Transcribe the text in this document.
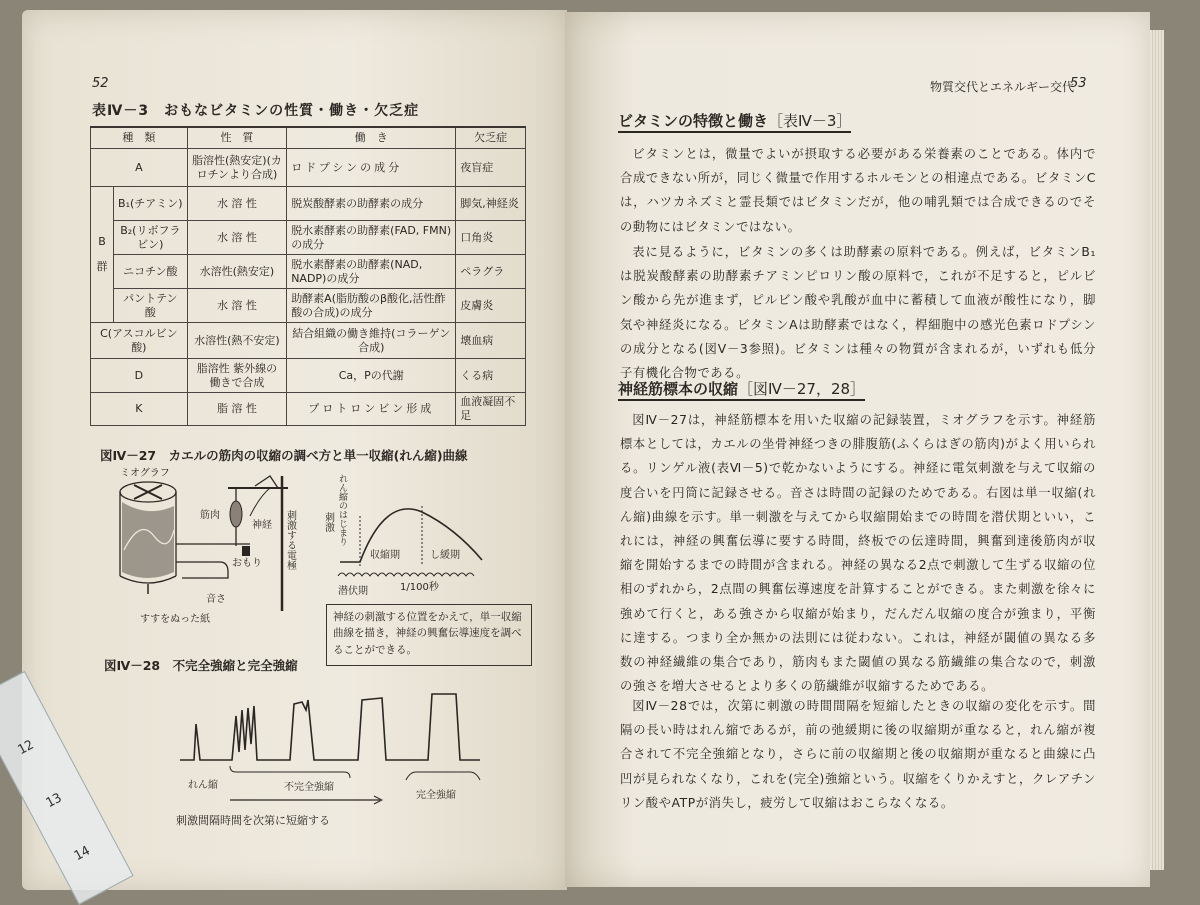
52
表Ⅳ－3　おもなビタミンの性質・働き・欠乏症
種　類		性　質	働　き	欠乏症
A		脂溶性(熱安定)(カロチンより合成)	ロドプシンの成分	夜盲症
B 群	B₁(チアミン)	水 溶 性	脱炭酸酵素の助酵素の成分	脚気,神経炎
	B₂(リボフラビン)	水 溶 性	脱水素酵素の助酵素(FAD, FMN)の成分	口角炎
	ニコチン酸	水溶性(熱安定)	脱水素酵素の助酵素(NAD, NADP)の成分	ペラグラ
	パントテン酸	水 溶 性	助酵素A(脂肪酸のβ酸化,活性酢酸の合成)の成分	皮膚炎
C(アスコルビン酸)		水溶性(熱不安定)	結合組織の働き維持(コラーゲン合成)	壊血病
D		脂溶性 紫外線の働きで合成	Ca，Pの代謝	くる病
K		脂 溶 性	プロトロンビン形成	血液凝固不足
図Ⅳ－27　カエルの筋肉の収縮の調べ方と単一収縮(れん縮)曲線
ミオグラフ
筋肉
神経
おもり
音さ
すすをぬった紙
刺激する電極	刺激 れん縮のはじまり
収縮期	し緩期
潜伏期	1/100秒
神経の刺激する位置をかえて，単一収縮曲線を描き，神経の興奮伝導速度を調べることができる。
図Ⅳ－28　不完全強縮と完全強縮
れん縮	不完全強縮
完全強縮
刺激間隔時間を次第に短縮する
12
13
14
物質交代とエネルギー交代
53
ビタミンの特徴と働き［表Ⅳ－3］
ビタミンとは，微量でよいが摂取する必要がある栄養素のことである。体内で合成できない所が，同じく微量で作用するホルモンとの相違点である。ビタミンCは，ハツカネズミと霊長類ではビタミンだが，他の哺乳類では合成できるのでその動物にはビタミンではない。
表に見るように，ビタミンの多くは助酵素の原料である。例えば，ビタミンB₁は脱炭酸酵素の助酵素チアミンピロリン酸の原料で，これが不足すると，ピルビン酸から先が進まず，ピルビン酸や乳酸が血中に蓄積して血液が酸性になり，脚気や神経炎になる。ビタミンAは助酵素ではなく，桿細胞中の感光色素ロドプシンの成分となる(図Ⅴ－3参照)。ビタミンは種々の物質が含まれるが，いずれも低分子有機化合物である。
神経筋標本の収縮［図Ⅳ－27，28］
図Ⅳ－27は，神経筋標本を用いた収縮の記録装置，ミオグラフを示す。神経筋標本としては，カエルの坐骨神経つきの腓腹筋(ふくらはぎの筋肉)がよく用いられる。リンゲル液(表Ⅵ－5)で乾かないようにする。神経に電気刺激を与えて収縮の度合いを円筒に記録させる。音さは時間の記録のためである。右図は単一収縮(れん縮)曲線を示す。単一刺激を与えてから収縮開始までの時間を潜伏期といい，これには，神経の興奮伝導に要する時間，終板での伝達時間，興奮到達後筋肉が収縮を開始するまでの時間が含まれる。神経の異なる2点で刺激して生ずる収縮の位相のずれから，2点間の興奮伝導速度を計算することができる。また刺激を徐々に強めて行くと，ある強さから収縮が始まり，だんだん収縮の度合が強まり，平衡に達する。つまり全か無かの法則には従わない。これは，神経が閾値の異なる多数の神経繊維の集合であり，筋肉もまた閾値の異なる筋繊維の集合なので，刺激の強さを増大させるとより多くの筋繊維が収縮するためである。
図Ⅳ－28では，次第に刺激の時間間隔を短縮したときの収縮の変化を示す。間隔の長い時はれん縮であるが，前の弛緩期に後の収縮期が重なると，れん縮が複合されて不完全強縮となり，さらに前の収縮期と後の収縮期が重なると曲線に凸凹が見られなくなり，これを(完全)強縮という。収縮をくりかえすと，クレアチンリン酸やATPが消失し，疲労して収縮はおこらなくなる。
